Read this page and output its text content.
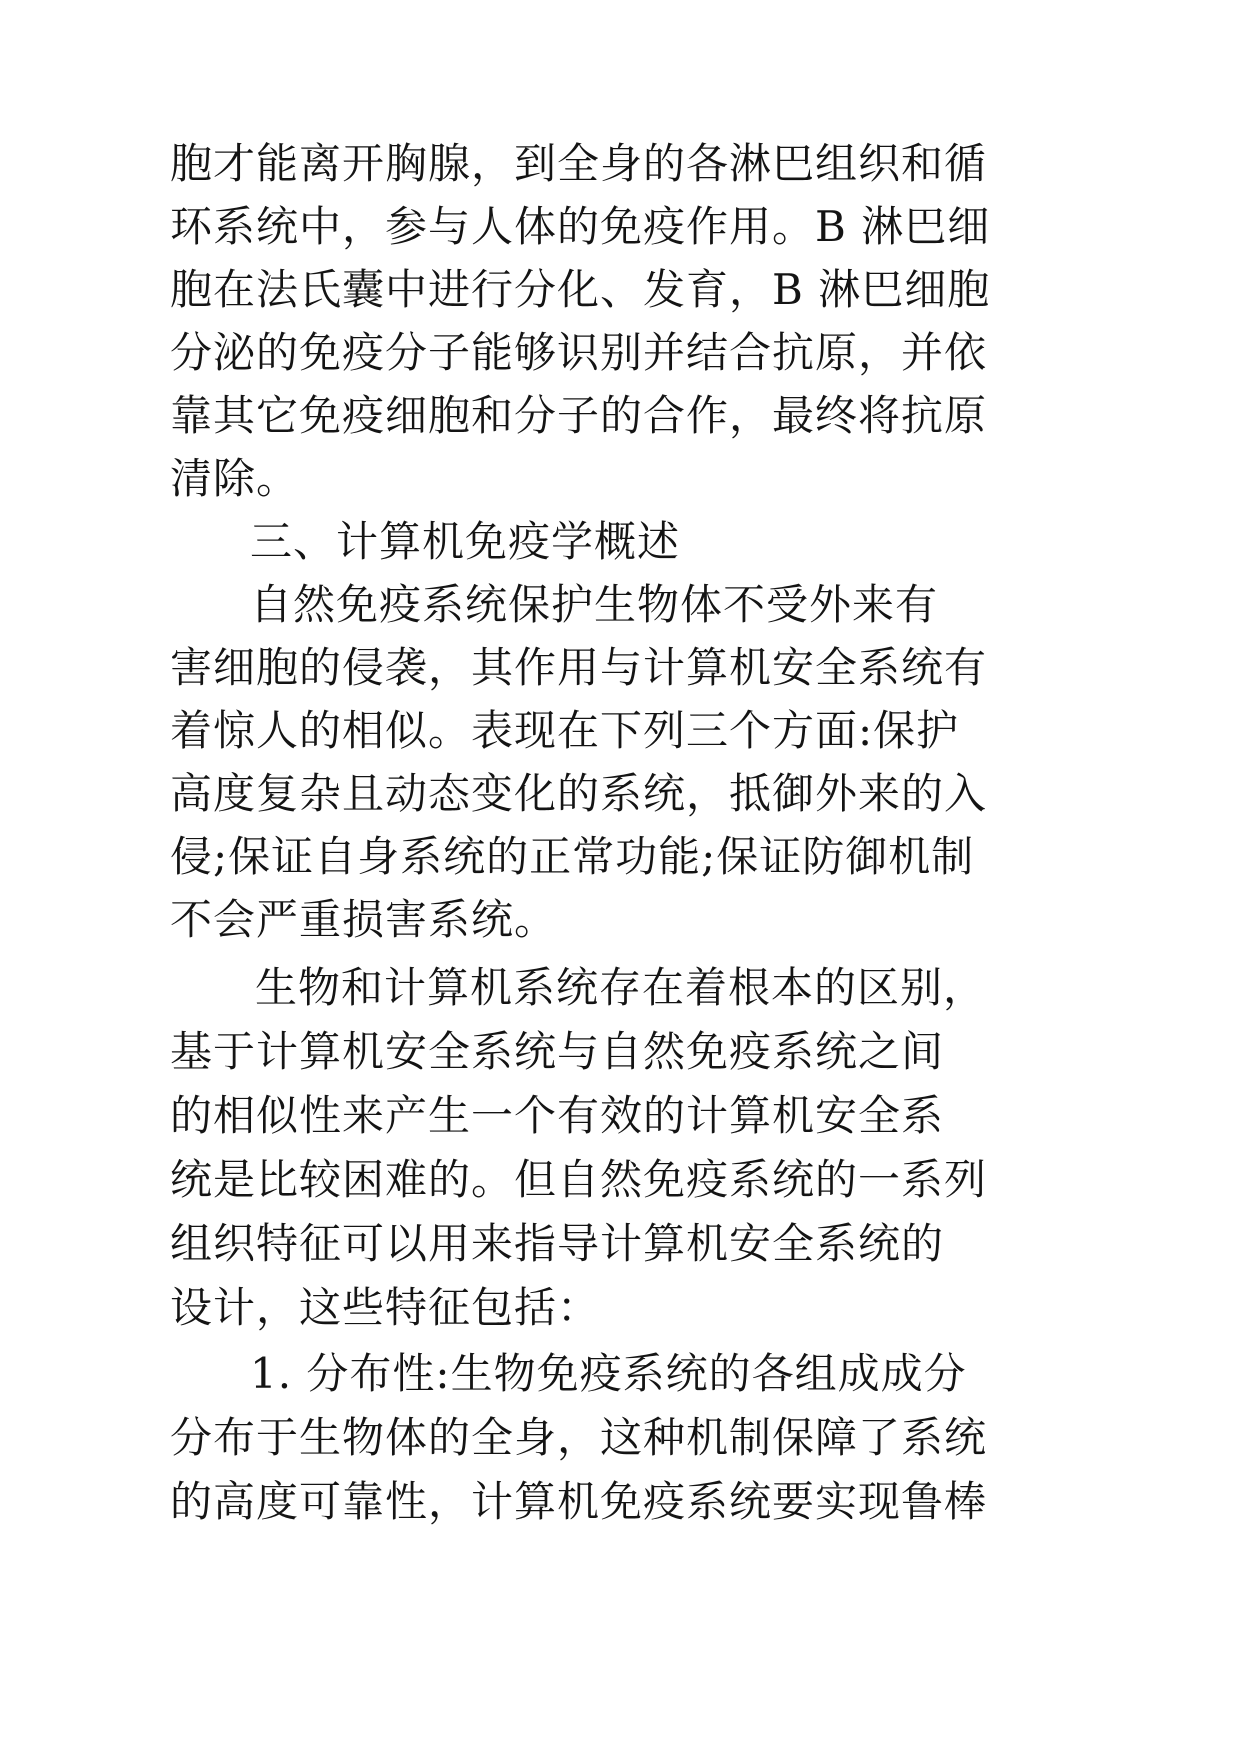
胞才能离开胸腺，到全身的各淋巴组织和循
环系统中，参与人体的免疫作用。B 淋巴细
胞在法氏囊中进行分化、发育，B 淋巴细胞
分泌的免疫分子能够识别并结合抗原，并依
靠其它免疫细胞和分子的合作，最终将抗原
清除。
三、计算机免疫学概述
自然免疫系统保护生物体不受外来有
害细胞的侵袭，其作用与计算机安全系统有
着惊人的相似。表现在下列三个方面:保护
高度复杂且动态变化的系统，抵御外来的入
侵;保证自身系统的正常功能;保证防御机制
不会严重损害系统。
生物和计算机系统存在着根本的区别，
基于计算机安全系统与自然免疫系统之间
的相似性来产生一个有效的计算机安全系
统是比较困难的。但自然免疫系统的一系列
组织特征可以用来指导计算机安全系统的
设计，这些特征包括：
1. 分布性:生物免疫系统的各组成成分
分布于生物体的全身，这种机制保障了系统
的高度可靠性，计算机免疫系统要实现鲁棒
